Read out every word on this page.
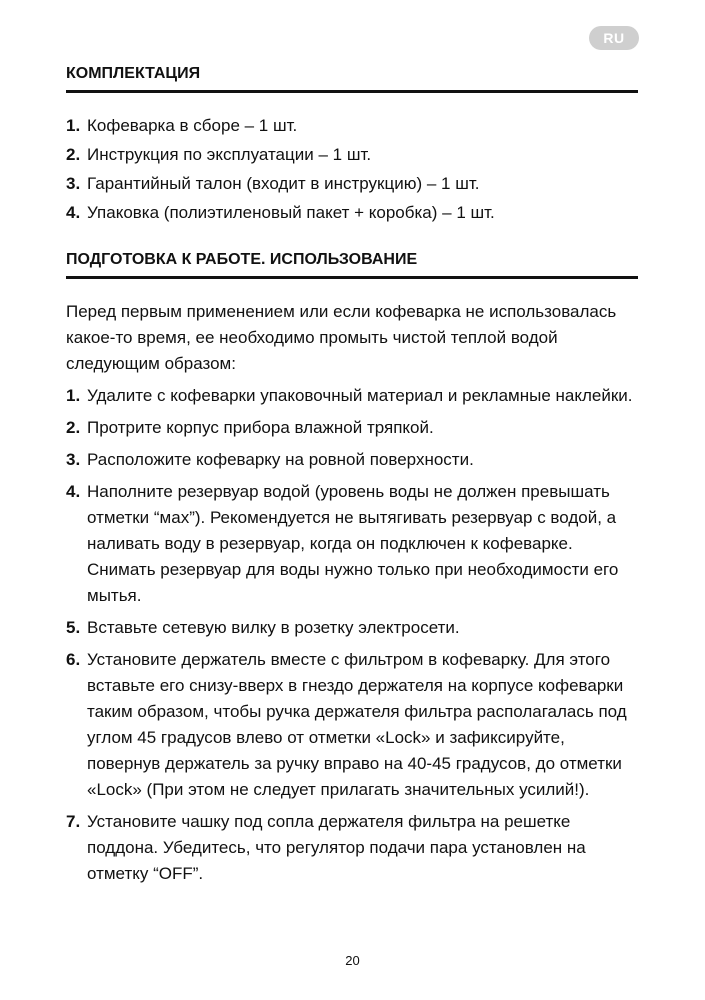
RU
КОМПЛЕКТАЦИЯ
1. Кофеварка в сборе – 1 шт.
2. Инструкция по эксплуатации – 1 шт.
3. Гарантийный талон (входит в инструкцию) – 1 шт.
4. Упаковка (полиэтиленовый пакет + коробка) – 1 шт.
ПОДГОТОВКА К РАБОТЕ. ИСПОЛЬЗОВАНИЕ

Перед первым применением или если кофеварка не использовалась какое-то время, ее необходимо промыть чистой теплой водой следующим образом:

1. Удалите с кофеварки упаковочный материал и рекламные наклейки.
2. Протрите корпус прибора влажной тряпкой.
3. Расположите кофеварку на ровной поверхности.
4. Наполните резервуар водой (уровень воды не должен превышать отметки “мах”). Рекомендуется не вытягивать резервуар с водой, а наливать воду в резервуар, когда он подключен к кофеварке. Снимать резервуар для воды нужно только при необходимости его мытья.
5. Вставьте сетевую вилку в розетку электросети.
6. Установите держатель вместе с фильтром в кофеварку. Для этого вставьте его снизу-вверх в гнездо держателя на корпусе кофеварки таким образом, чтобы ручка держателя фильтра располагалась под углом 45 градусов влево от отметки «Lock» и зафиксируйте, повернув держатель за ручку вправо на 40-45 градусов, до отметки «Lock» (При этом не следует прилагать значительных усилий!).
7. Установите чашку под сопла держателя фильтра на решетке поддона. Убедитесь, что регулятор подачи пара установлен на отметку “OFF”.
20
